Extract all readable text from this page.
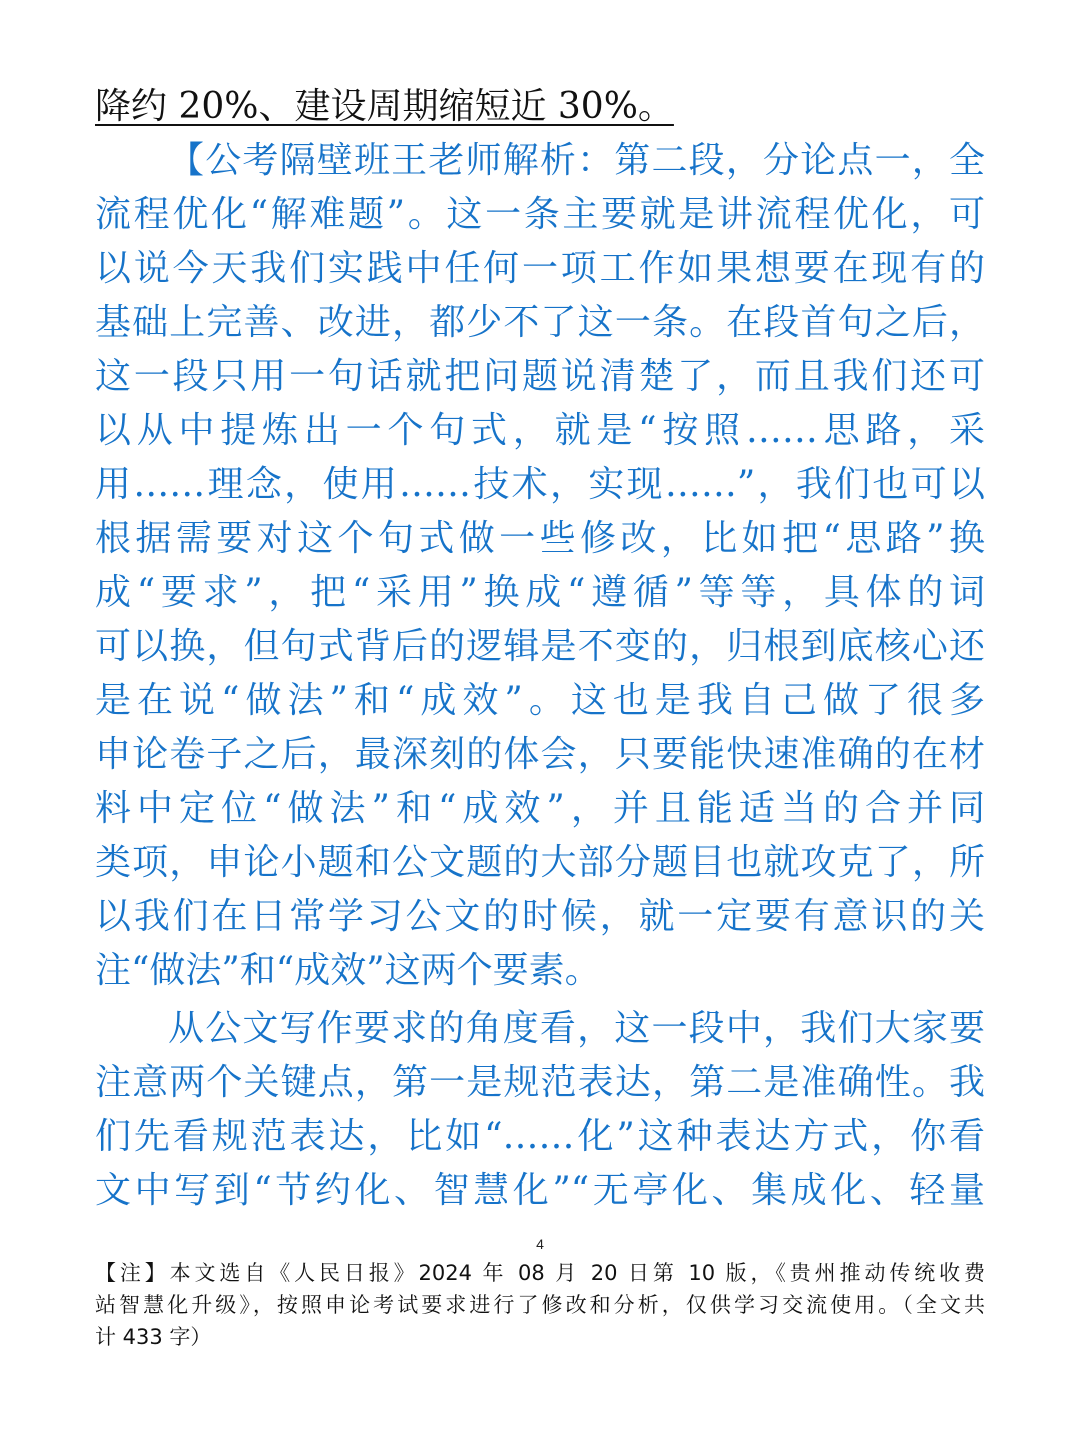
降约 20%、建设周期缩短近 30%。
【公考隔壁班王老师解析：第二段，分论点一，全
流程优化“解难题”。这一条主要就是讲流程优化，可
以说今天我们实践中任何一项工作如果想要在现有的
基础上完善、改进，都少不了这一条。在段首句之后，
这一段只用一句话就把问题说清楚了，而且我们还可
以从中提炼出一个句式，就是“按照……思路，采
用……理念，使用……技术，实现……”，我们也可以
根据需要对这个句式做一些修改，比如把“思路”换
成“要求”，把“采用”换成“遵循”等等，具体的词
可以换，但句式背后的逻辑是不变的，归根到底核心还
是在说“做法”和“成效”。这也是我自己做了很多
申论卷子之后，最深刻的体会，只要能快速准确的在材
料中定位“做法”和“成效”，并且能适当的合并同
类项，申论小题和公文题的大部分题目也就攻克了，所
以我们在日常学习公文的时候，就一定要有意识的关
注“做法”和“成效”这两个要素。
从公文写作要求的角度看，这一段中，我们大家要
注意两个关键点，第一是规范表达，第二是准确性。我
们先看规范表达，比如“……化”这种表达方式，你看
文中写到“节约化、智慧化”“无亭化、集成化、轻量
4
【注】本文选自《人民日报》2024 年 08 月 20 日第 10 版，《贵州推动传统收费
站智慧化升级》，按照申论考试要求进行了修改和分析，仅供学习交流使用。（全文共
计 433 字）
